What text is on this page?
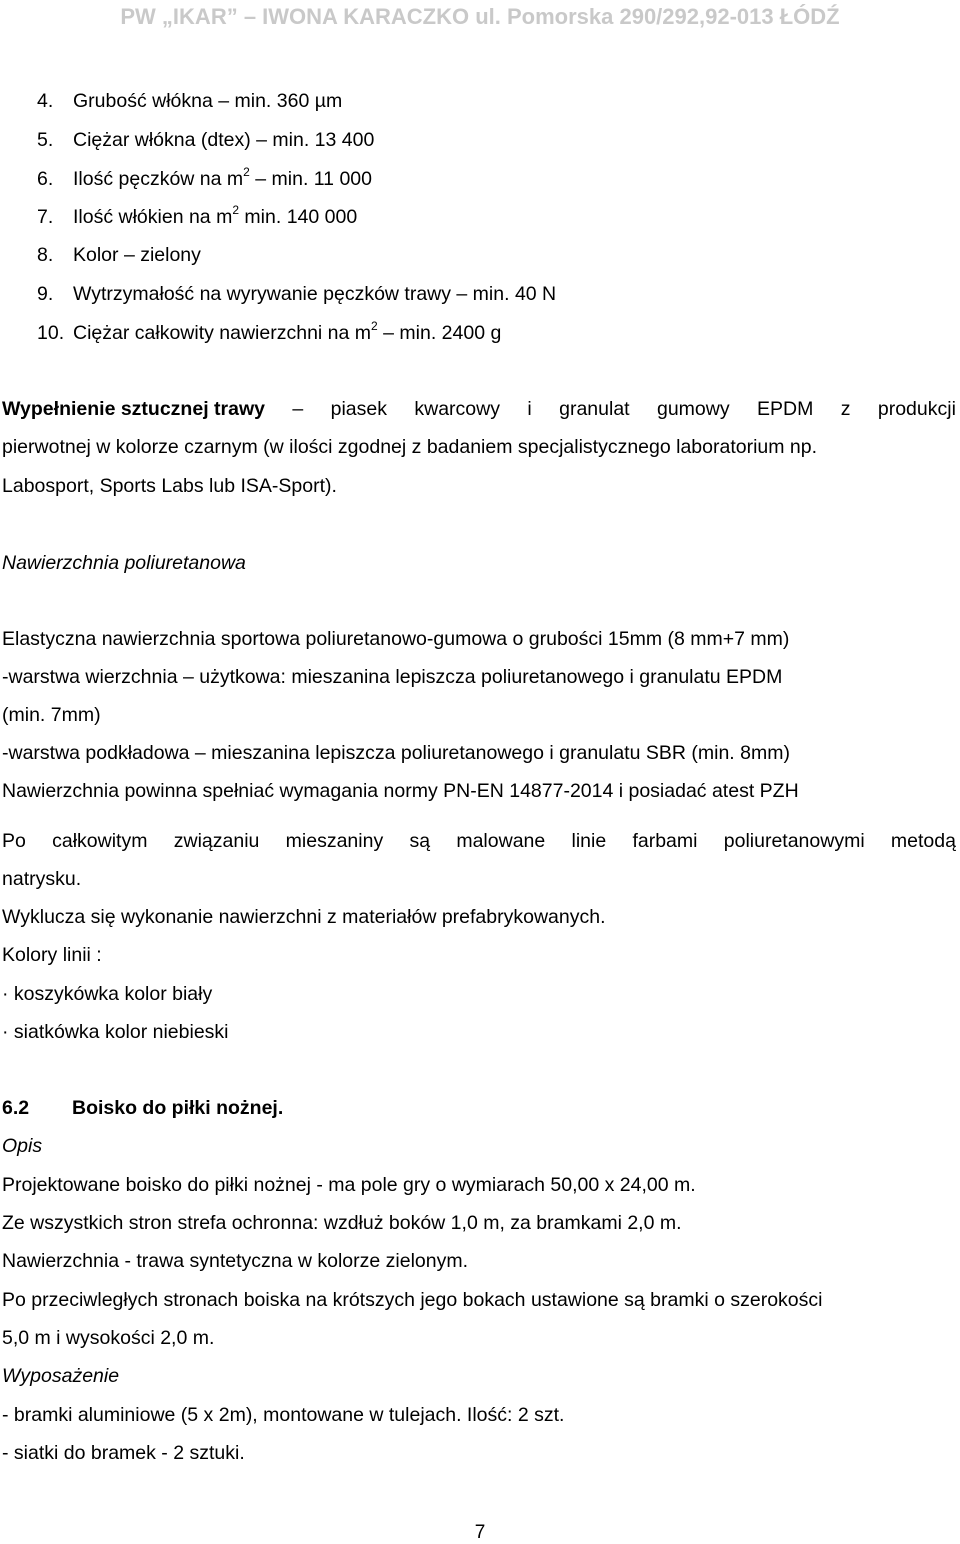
PW „IKAR” – IWONA KARACZKO ul. Pomorska 290/292,92-013 ŁÓDŹ
4. Grubość włókna – min. 360 µm
5. Ciężar włókna (dtex) – min. 13 400
6. Ilość pęczków na $m^2$ – min. 11 000
7. Ilość włókien na $m^2$ min. 140 000
8. Kolor – zielony
9. Wytrzymałość na wyrywanie pęczków trawy – min. 40 N
10. Ciężar całkowity nawierzchni na $m^2$ – min. 2400 g
Wypełnienie sztucznej trawy – piasek kwarcowy i granulat gumowy EPDM z produkcji
pierwotnej w kolorze czarnym (w ilości zgodnej z badaniem specjalistycznego laboratorium np.
Labosport, Sports Labs lub ISA-Sport).
Nawierzchnia poliuretanowa
Elastyczna nawierzchnia sportowa poliuretanowo-gumowa o grubości 15mm (8 mm+7 mm)
-warstwa wierzchnia – użytkowa: mieszanina lepiszcza poliuretanowego i granulatu EPDM
(min. 7mm)
-warstwa podkładowa – mieszanina lepiszcza poliuretanowego i granulatu SBR (min. 8mm)
Nawierzchnia powinna spełniać wymagania normy PN-EN 14877-2014 i posiadać atest PZH
Po całkowitym związaniu mieszaniny są malowane linie farbami poliuretanowymi metodą
natrysku.
Wyklucza się wykonanie nawierzchni z materiałów prefabrykowanych.
Kolory linii :
· koszykówka kolor biały
· siatkówka kolor niebieski
6.2 Boisko do piłki nożnej.
Opis
Projektowane boisko do piłki nożnej - ma pole gry o wymiarach 50,00 x 24,00 m.
Ze wszystkich stron strefa ochronna: wzdłuż boków 1,0 m, za bramkami 2,0 m.
Nawierzchnia - trawa syntetyczna w kolorze zielonym.
Po przeciwległych stronach boiska na krótszych jego bokach ustawione są bramki o szerokości
5,0 m i wysokości 2,0 m.
Wyposażenie
- bramki aluminiowe (5 x 2m), montowane w tulejach. Ilość: 2 szt.
- siatki do bramek - 2 sztuki.
7
